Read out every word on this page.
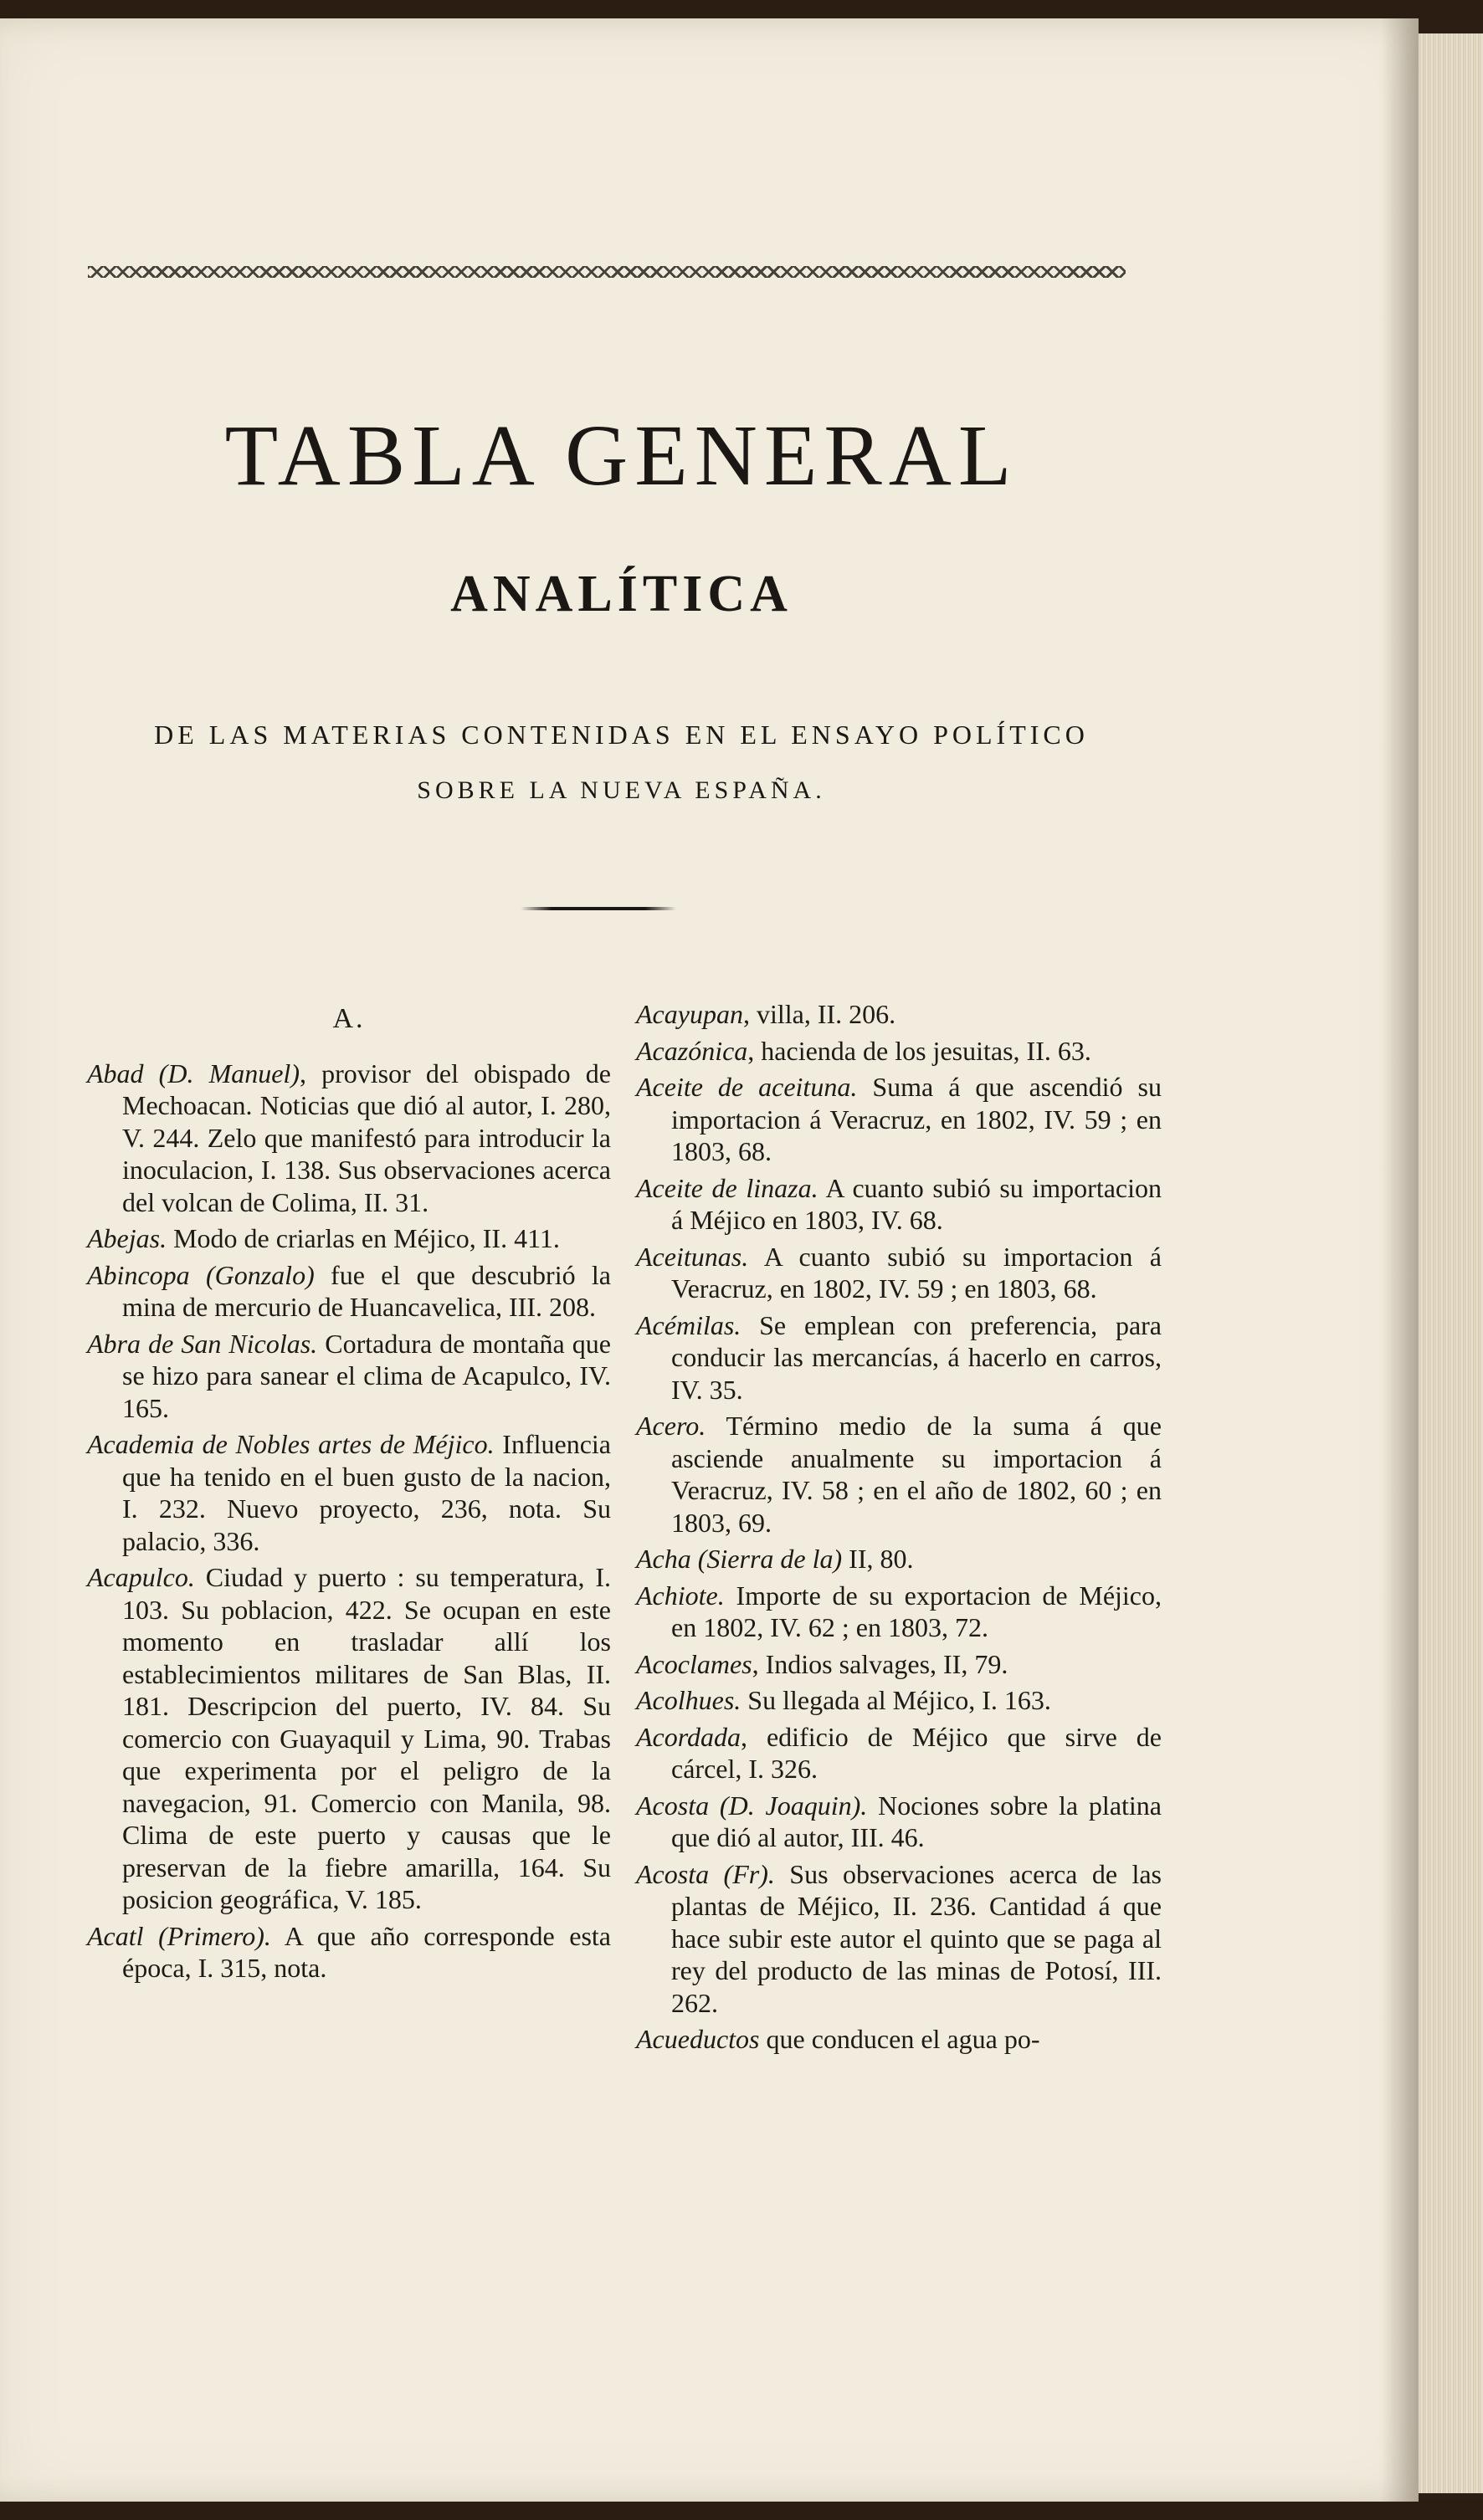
TABLA GENERAL
ANALÍTICA
DE LAS MATERIAS CONTENIDAS EN EL ENSAYO POLÍTICO
SOBRE LA NUEVA ESPAÑA.
A.

Abad (D. Manuel), provisor del obispado de Mechoacan. Noticias que dió al autor, I. 280, V. 244. Zelo que manifestó para introducir la inoculacion, I. 138. Sus observaciones acerca del volcan de Colima, II. 31.

Abejas. Modo de criarlas en Méjico, II. 411.

Abincopa (Gonzalo) fue el que descubrió la mina de mercurio de Huancavelica, III. 208.

Abra de San Nicolas. Cortadura de montaña que se hizo para sanear el clima de Acapulco, IV. 165.

Academia de Nobles artes de Méjico. Influencia que ha tenido en el buen gusto de la nacion, I. 232. Nuevo proyecto, 236, nota. Su palacio, 336.

Acapulco. Ciudad y puerto : su temperatura, I. 103. Su poblacion, 422. Se ocupan en este momento en trasladar allí los establecimientos militares de San Blas, II. 181. Descripcion del puerto, IV. 84. Su comercio con Guayaquil y Lima, 90. Trabas que experimenta por el peligro de la navegacion, 91. Comercio con Manila, 98. Clima de este puerto y causas que le preservan de la fiebre amarilla, 164. Su posicion geográfica, V. 185.

Acatl (Primero). A que año corresponde esta época, I. 315, nota.

Acayupan, villa, II. 206.

Acazónica, hacienda de los jesuitas, II. 63.

Aceite de aceituna. Suma á que ascendió su importacion á Veracruz, en 1802, IV. 59 ; en 1803, 68.

Aceite de linaza. A cuanto subió su importacion á Méjico en 1803, IV. 68.

Aceitunas. A cuanto subió su importacion á Veracruz, en 1802, IV. 59 ; en 1803, 68.

Acémilas. Se emplean con preferencia, para conducir las mercancías, á hacerlo en carros, IV. 35.

Acero. Término medio de la suma á que asciende anualmente su importacion á Veracruz, IV. 58 ; en el año de 1802, 60 ; en 1803, 69.

Acha (Sierra de la) II, 80.

Achiote. Importe de su exportacion de Méjico, en 1802, IV. 62 ; en 1803, 72.

Acoclames, Indios salvages, II, 79.

Acolhues. Su llegada al Méjico, I. 163.

Acordada, edificio de Méjico que sirve de cárcel, I. 326.

Acosta (D. Joaquin). Nociones sobre la platina que dió al autor, III. 46.

Acosta (Fr). Sus observaciones acerca de las plantas de Méjico, II. 236. Cantidad á que hace subir este autor el quinto que se paga al rey del producto de las minas de Potosí, III. 262.

Acueductos que conducen el agua po-
